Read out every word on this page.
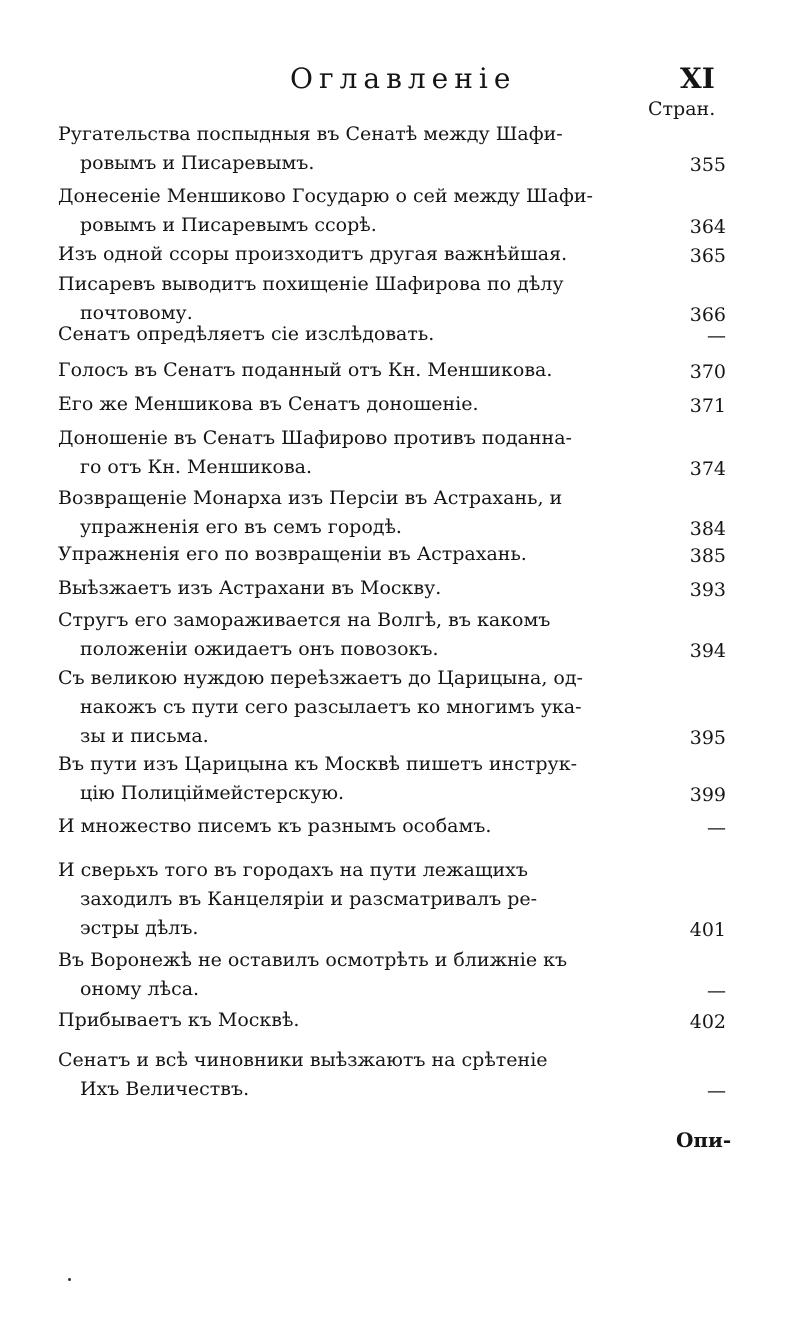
Оглавленіе	XI
Стран.
Ругательства поспыдныя въ Сенатѣ между Шафи-
ровымъ и Писаревымъ.	355
Донесеніе Меншиково Государю о сей между Шафи-
ровымъ и Писаревымъ ссорѣ.	364
Изъ одной ссоры произходитъ другая важнѣйшая.	365
Писаревъ выводитъ похищеніе Шафирова по дѣлу
почтовому.	366
Сенатъ опредѣляетъ сіе изслѣдовать.	—
Голосъ въ Сенатъ поданный отъ Кн. Меншикова.	370
Его же Меншикова въ Сенатъ доношеніе.	371
Доношеніе въ Сенатъ Шафирово противъ поданна-
го отъ Кн. Меншикова.	374
Возвращеніе Монарха изъ Персіи въ Астрахань, и
упражненія его въ семъ городѣ.	384
Упражненія его по возвращеніи въ Астрахань.	385
Выѣзжаетъ изъ Астрахани въ Москву.	393
Стругъ его замораживается на Волгѣ, въ какомъ
положеніи ожидаетъ онъ повозокъ.	394
Съ великою нуждою переѣзжаетъ до Царицына, од-
накожъ съ пути сего разсылаетъ ко многимъ ука-
зы и письма.	395
Въ пути изъ Царицына къ Москвѣ пишетъ инструк-
цію Полицiймейстерскую.	399
И множество писемъ къ разнымъ особамъ.	—
И сверьхъ того въ городахъ на пути лежащихъ
заходилъ въ Канцеляріи и разсматривалъ ре-
эстры дѣлъ.	401
Въ Воронежѣ не оставилъ осмотрѣть и ближніе къ
оному лѣса.	—
Прибываетъ къ Москвѣ.	402
Сенатъ и всѣ чиновники выѣзжаютъ на срѣтеніе
Ихъ Величествъ.	—
Опи-
